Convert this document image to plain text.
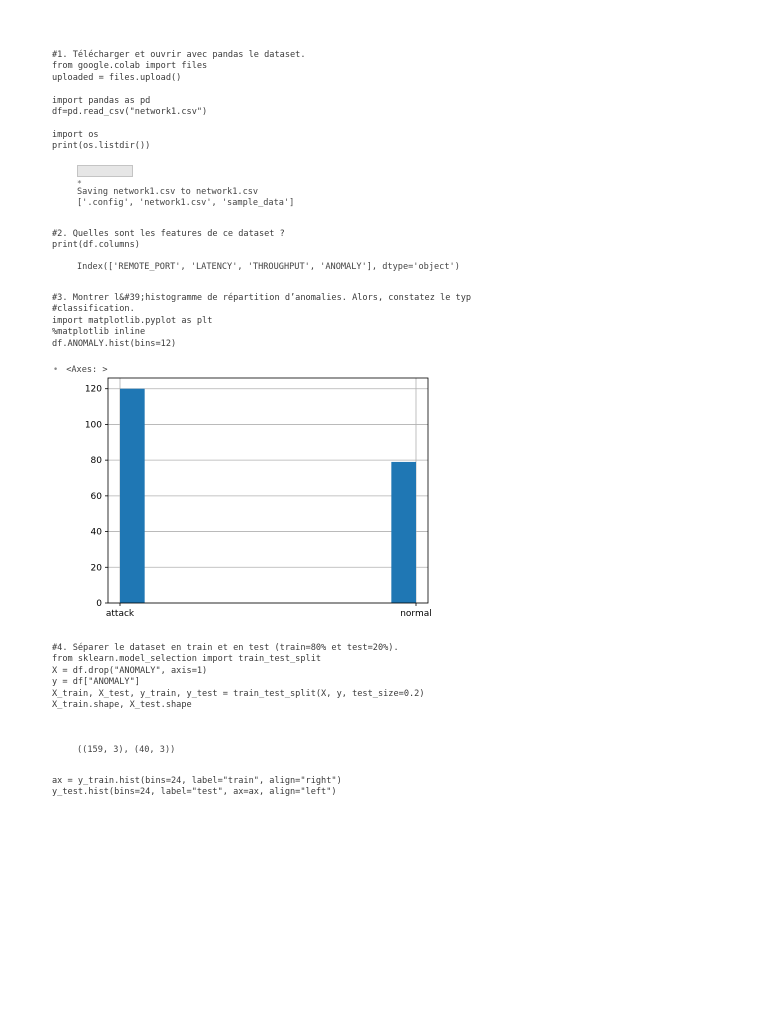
#1. Télécharger et ouvrir avec pandas le dataset.
from google.colab import files
uploaded = files.upload()

import pandas as pd
df=pd.read_csv("network1.csv")

import os
print(os.listdir())
*
Saving network1.csv to network1.csv
['.config', 'network1.csv', 'sample_data']
#2. Quelles sont les features de ce dataset ?
print(df.columns)
Index(['REMOTE_PORT', 'LATENCY', 'THROUGHPUT', 'ANOMALY'], dtype='object')
#3. Montrer l&#39;histogramme de répartition d’anomalies. Alors, constatez le typ
#classification.
import matplotlib.pyplot as plt
%matplotlib inline
df.ANOMALY.hist(bins=12)
• <Axes: >
0
20
40
60
80
100
120
attack	normal
#4. Séparer le dataset en train et en test (train=80% et test=20%).
from sklearn.model_selection import train_test_split
X = df.drop("ANOMALY", axis=1)
y = df["ANOMALY"]
X_train, X_test, y_train, y_test = train_test_split(X, y, test_size=0.2)
X_train.shape, X_test.shape
((159, 3), (40, 3))
ax = y_train.hist(bins=24, label="train", align="right")
y_test.hist(bins=24, label="test", ax=ax, align="left")
